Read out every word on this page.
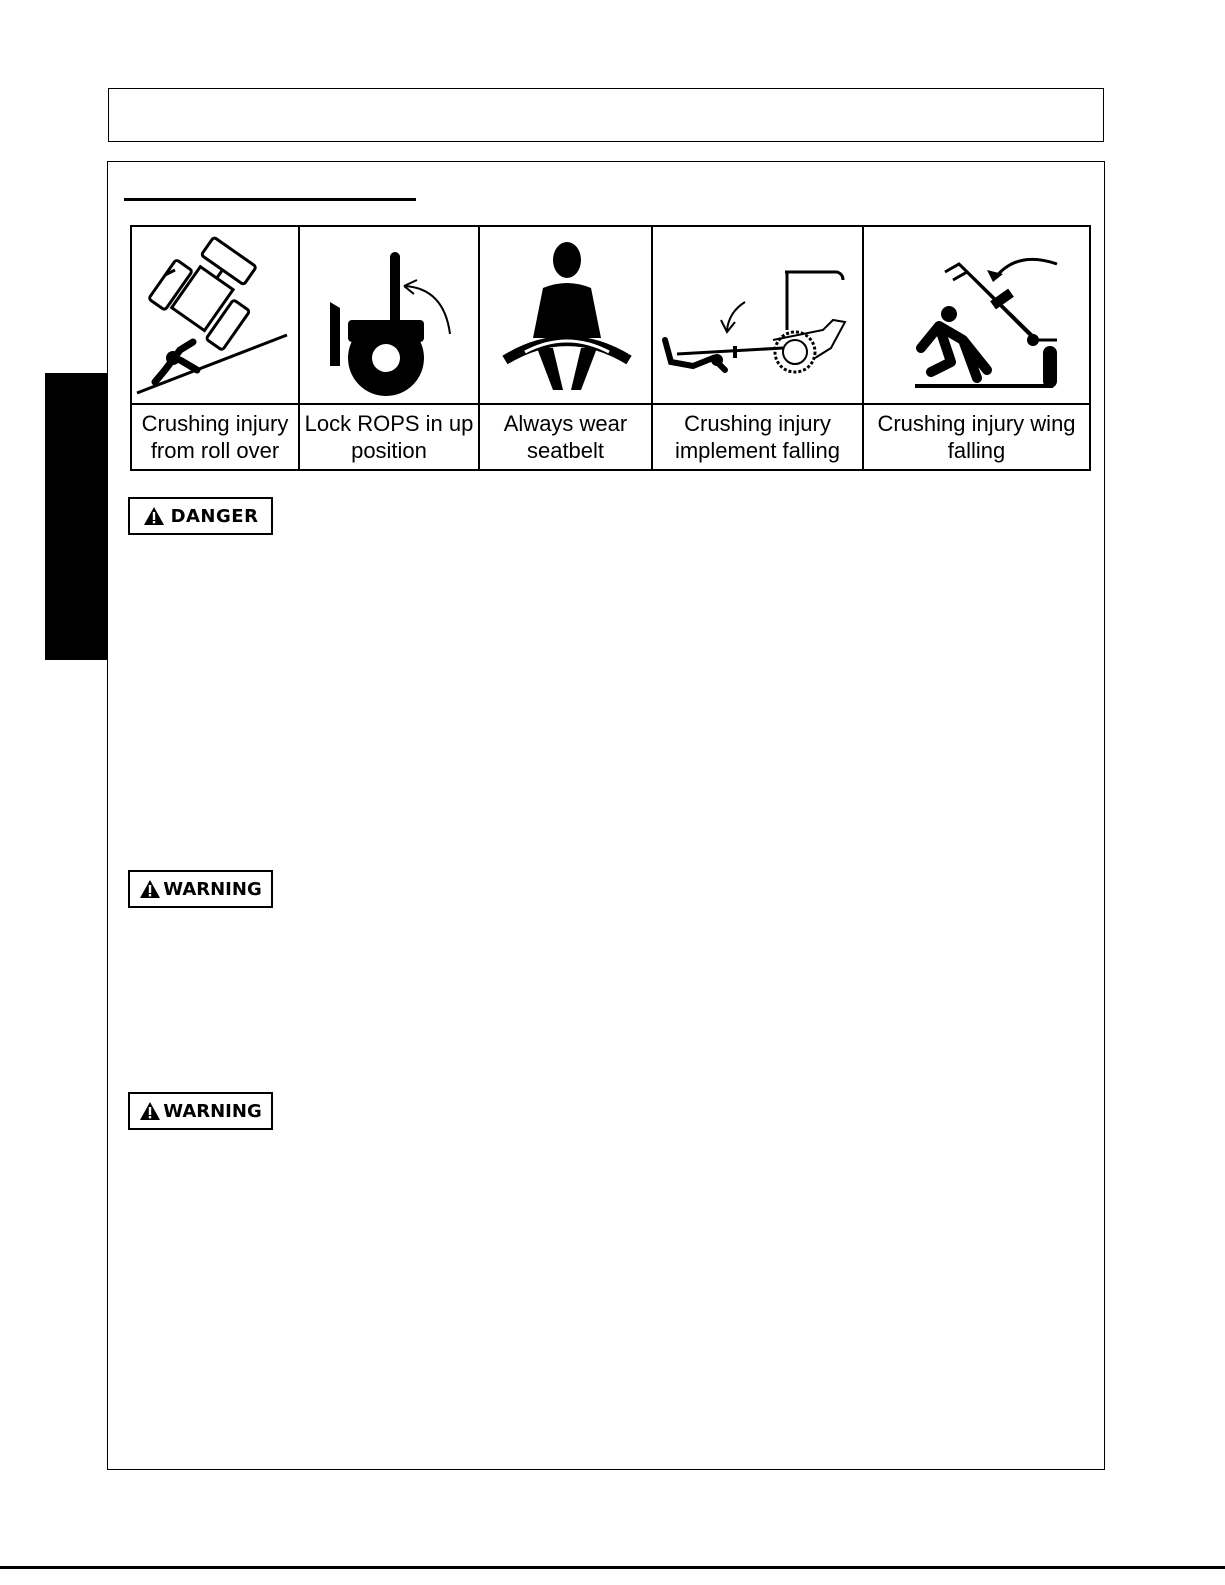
Crushing injury from roll over	Lock ROPS in up position	Always wear seatbelt	Crushing injury implement falling	Crushing injury wing falling
DANGER
WARNING
WARNING
